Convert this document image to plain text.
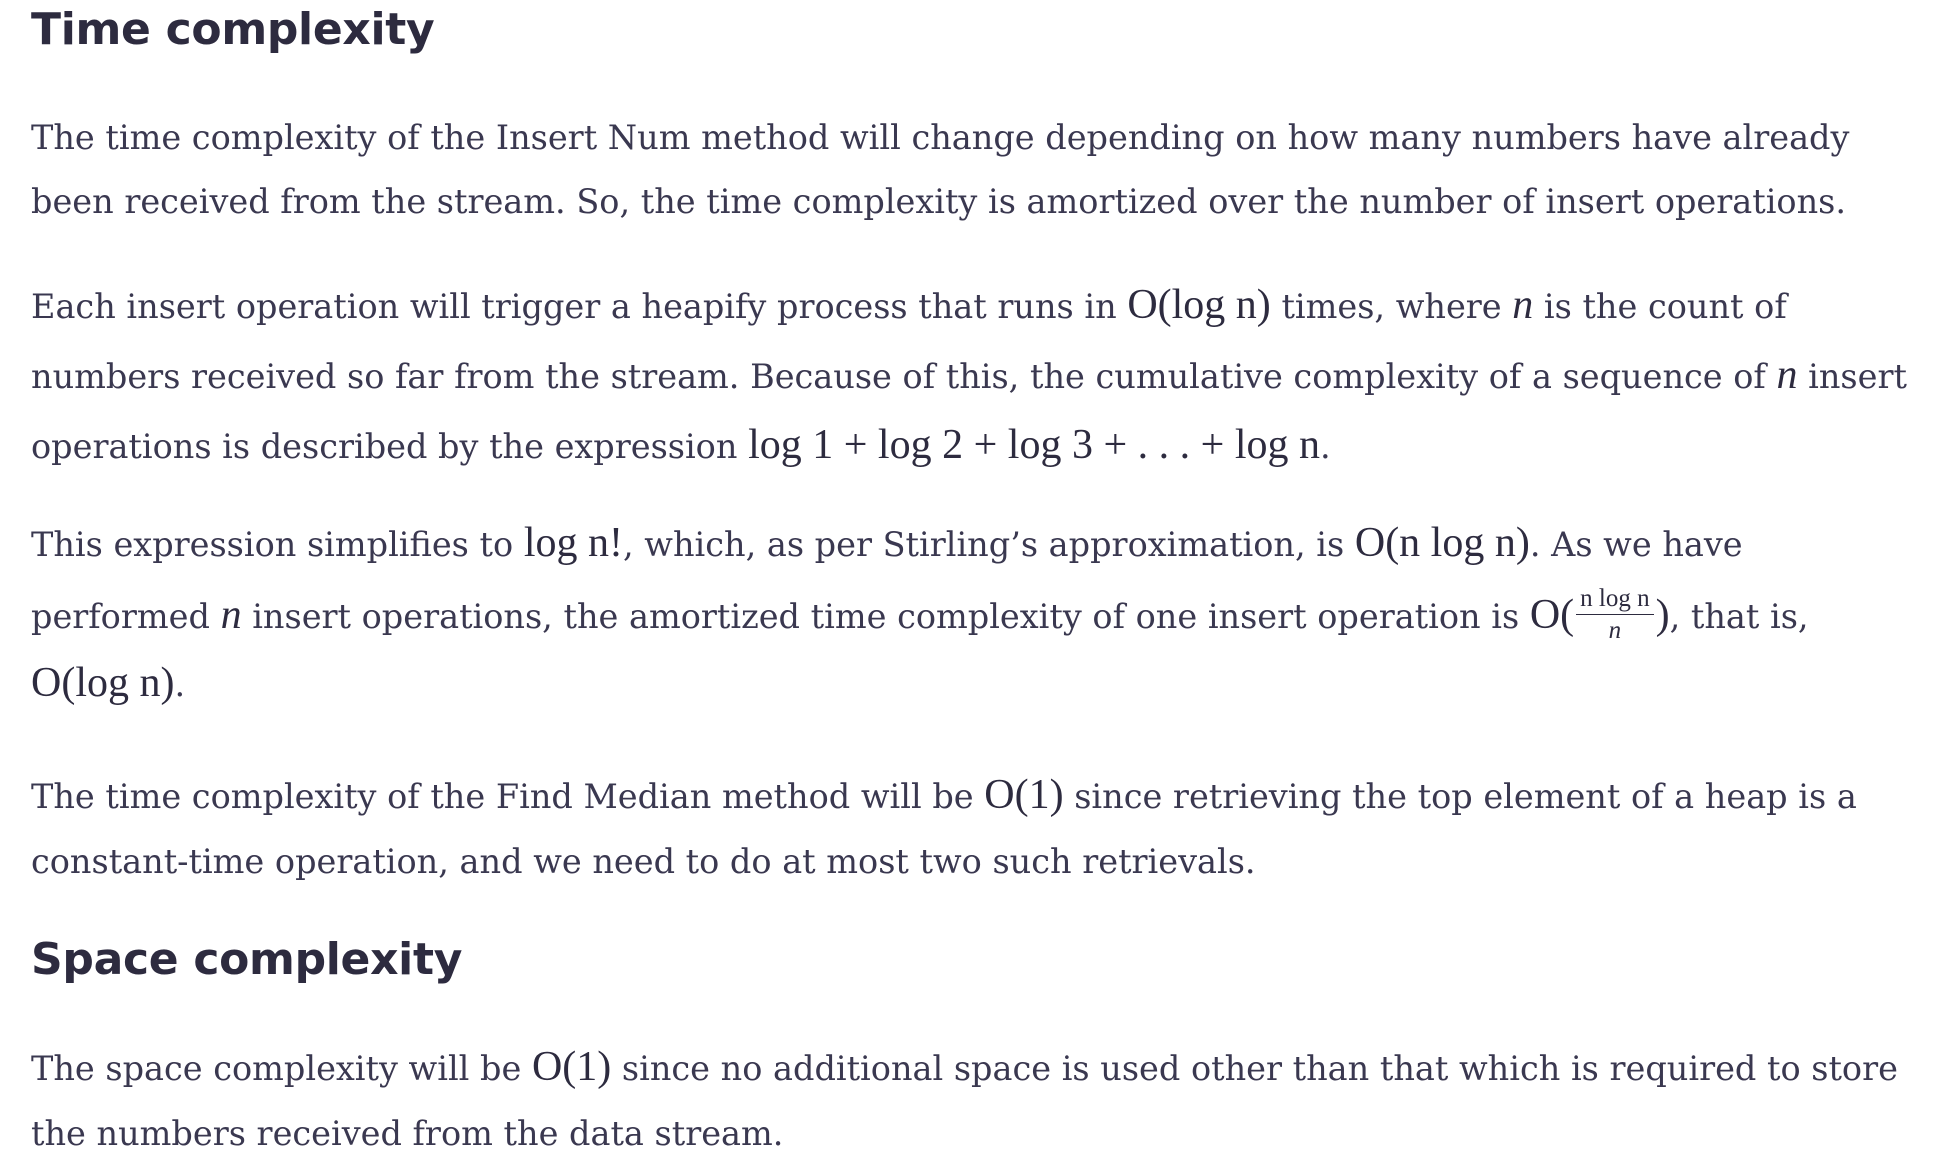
Time complexity

The time complexity of the Insert Num method will change depending on how many numbers have already
been received from the stream. So, the time complexity is amortized over the number of insert operations.

Each insert operation will trigger a heapify process that runs in O(log n) times, where n is the count of
numbers received so far from the stream. Because of this, the cumulative complexity of a sequence of n insert
operations is described by the expression log 1 + log 2 + log 3 + . . . + log n.

This expression simplifies to log n!, which, as per Stirling’s approximation, is O(n log n). As we have
performed n insert operations, the amortized time complexity of one insert operation is $O( \frac{\text{n log n}}{n}$ ), that is,
O(log n).

The time complexity of the Find Median method will be O(1) since retrieving the top element of a heap is a
constant-time operation, and we need to do at most two such retrievals.

Space complexity

The space complexity will be O(1) since no additional space is used other than that which is required to store
the numbers received from the data stream.
